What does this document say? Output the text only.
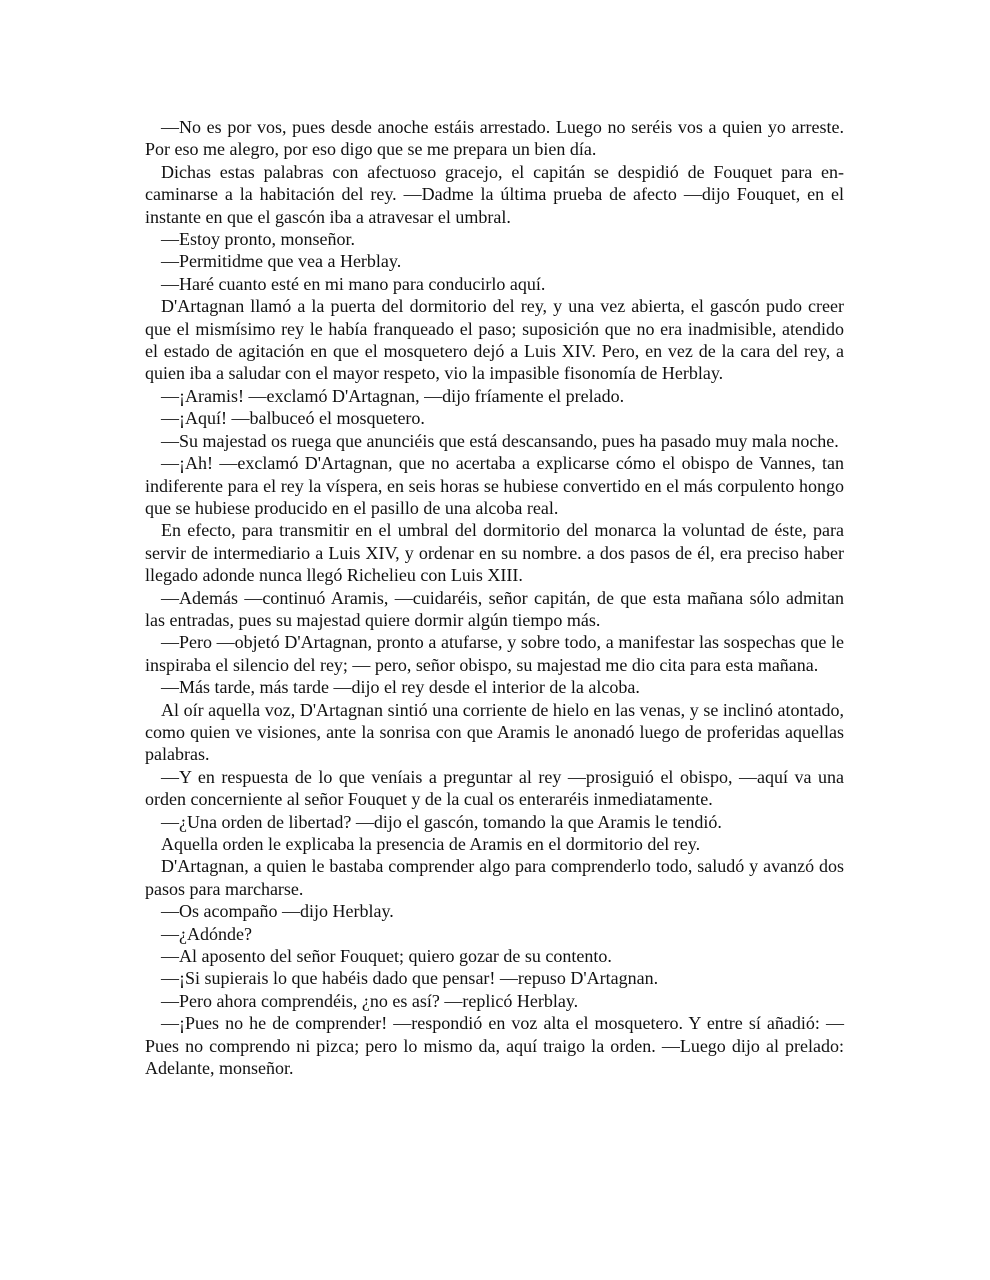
—No es por vos, pues desde anoche estáis arrestado. Luego no seréis vos a quien yo arreste. Por eso me alegro, por eso digo que se me prepara un bien día.

Dichas estas palabras con afectuoso gracejo, el capitán se despidió de Fouquet para encaminarse a la habitación del rey. —Dadme la última prueba de afecto —dijo Fouquet, en el instante en que el gascón iba a atravesar el umbral.

—Estoy pronto, monseñor.

—Permitidme que vea a Herblay.

—Haré cuanto esté en mi mano para conducirlo aquí.

D'Artagnan llamó a la puerta del dormitorio del rey, y una vez abierta, el gascón pudo creer que el mismísimo rey le había franqueado el paso; suposición que no era inadmisible, atendido el estado de agitación en que el mosquetero dejó a Luis XIV. Pero, en vez de la cara del rey, a quien iba a saludar con el mayor respeto, vio la impasible fisonomía de Herblay.

—¡Aramis! —exclamó D'Artagnan, —dijo fríamente el prelado.

—¡Aquí! —balbuceó el mosquetero.

—Su majestad os ruega que anunciéis que está descansando, pues ha pasado muy mala noche.

—¡Ah! —exclamó D'Artagnan, que no acertaba a explicarse cómo el obispo de Vannes, tan indiferente para el rey la víspera, en seis horas se hubiese convertido en el más corpulento hongo que se hubiese producido en el pasillo de una alcoba real.

En efecto, para transmitir en el umbral del dormitorio del monarca la voluntad de éste, para servir de intermediario a Luis XIV, y ordenar en su nombre. a dos pasos de él, era preciso haber llegado adonde nunca llegó Richelieu con Luis XIII.

—Además —continuó Aramis, —cuidaréis, señor capitán, de que esta mañana sólo admitan las entradas, pues su majestad quiere dormir algún tiempo más.

—Pero —objetó D'Artagnan, pronto a atufarse, y sobre todo, a manifestar las sospechas que le inspiraba el silencio del rey; — pero, señor obispo, su majestad me dio cita para esta mañana.

—Más tarde, más tarde —dijo el rey desde el interior de la alcoba.

Al oír aquella voz, D'Artagnan sintió una corriente de hielo en las venas, y se inclinó atontado, como quien ve visiones, ante la sonrisa con que Aramis le anonadó luego de proferidas aquellas palabras.

—Y en respuesta de lo que veníais a preguntar al rey —prosiguió el obispo, —aquí va una orden concerniente al señor Fouquet y de la cual os enteraréis inmediatamente.

—¿Una orden de libertad? —dijo el gascón, tomando la que Aramis le tendió.

Aquella orden le explicaba la presencia de Aramis en el dormitorio del rey.

D'Artagnan, a quien le bastaba comprender algo para comprenderlo todo, saludó y avanzó dos pasos para marcharse.

—Os acompaño —dijo Herblay.

—¿Adónde?

—Al aposento del señor Fouquet; quiero gozar de su contento.

—¡Si supierais lo que habéis dado que pensar! —repuso D'Artagnan.

—Pero ahora comprendéis, ¿no es así? —replicó Herblay.

—¡Pues no he de comprender! —respondió en voz alta el mosquetero. Y entre sí añadió: —Pues no comprendo ni pizca; pero lo mismo da, aquí traigo la orden. —Luego dijo al prelado: Adelante, monseñor.
